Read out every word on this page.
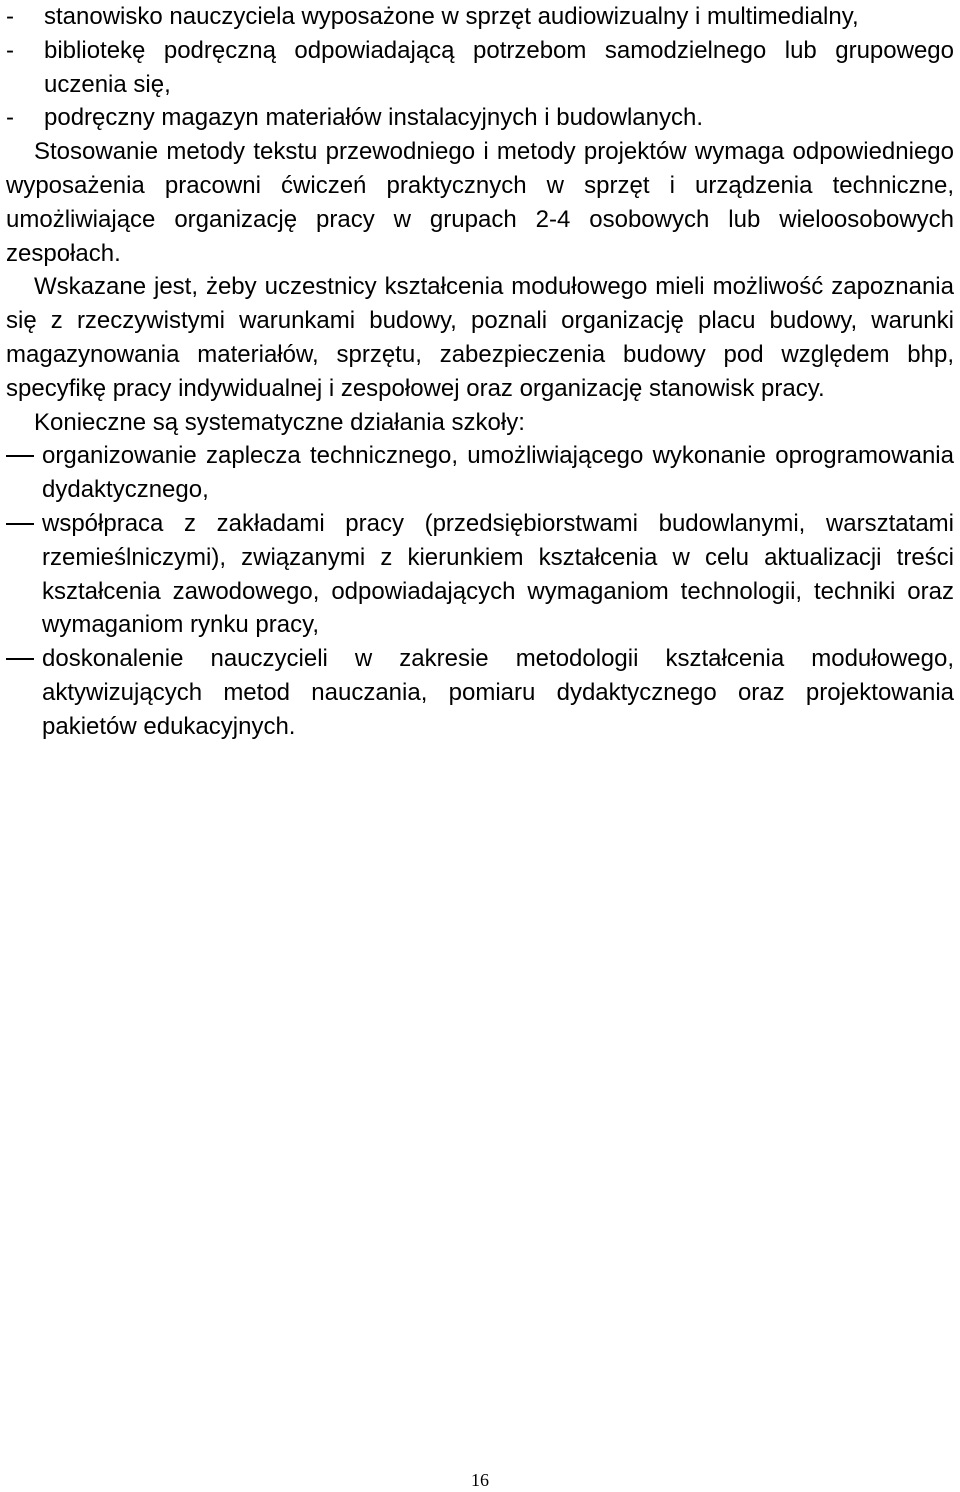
-	stanowisko nauczyciela wyposażone w sprzęt audiowizualny i multimedialny,
-	bibliotekę podręczną odpowiadającą potrzebom samodzielnego lub grupowego uczenia się,
-	podręczny magazyn materiałów instalacyjnych i budowlanych.

Stosowanie metody tekstu przewodniego i metody projektów wymaga odpowiedniego wyposażenia pracowni ćwiczeń praktycznych w sprzęt i urządzenia techniczne, umożliwiające organizację pracy w grupach 2-4 osobowych lub wieloosobowych zespołach.

Wskazane jest, żeby uczestnicy kształcenia modułowego mieli możliwość zapoznania się z rzeczywistymi warunkami budowy, poznali organizację placu budowy, warunki magazynowania materiałów, sprzętu, zabezpieczenia budowy pod względem bhp, specyfikę pracy indywidualnej i zespołowej oraz organizację stanowisk pracy.

Konieczne są systematyczne działania szkoły:

organizowanie zaplecza technicznego, umożliwiającego wykonanie oprogramowania dydaktycznego,
współpraca z zakładami pracy (przedsiębiorstwami budowlanymi, warsztatami rzemieślniczymi), związanymi z kierunkiem kształcenia w celu aktualizacji treści kształcenia zawodowego, odpowiadających wymaganiom technologii, techniki oraz wymaganiom rynku pracy,
doskonalenie nauczycieli w zakresie metodologii kształcenia modułowego, aktywizujących metod nauczania, pomiaru dydaktycznego oraz projektowania pakietów edukacyjnych.
16
